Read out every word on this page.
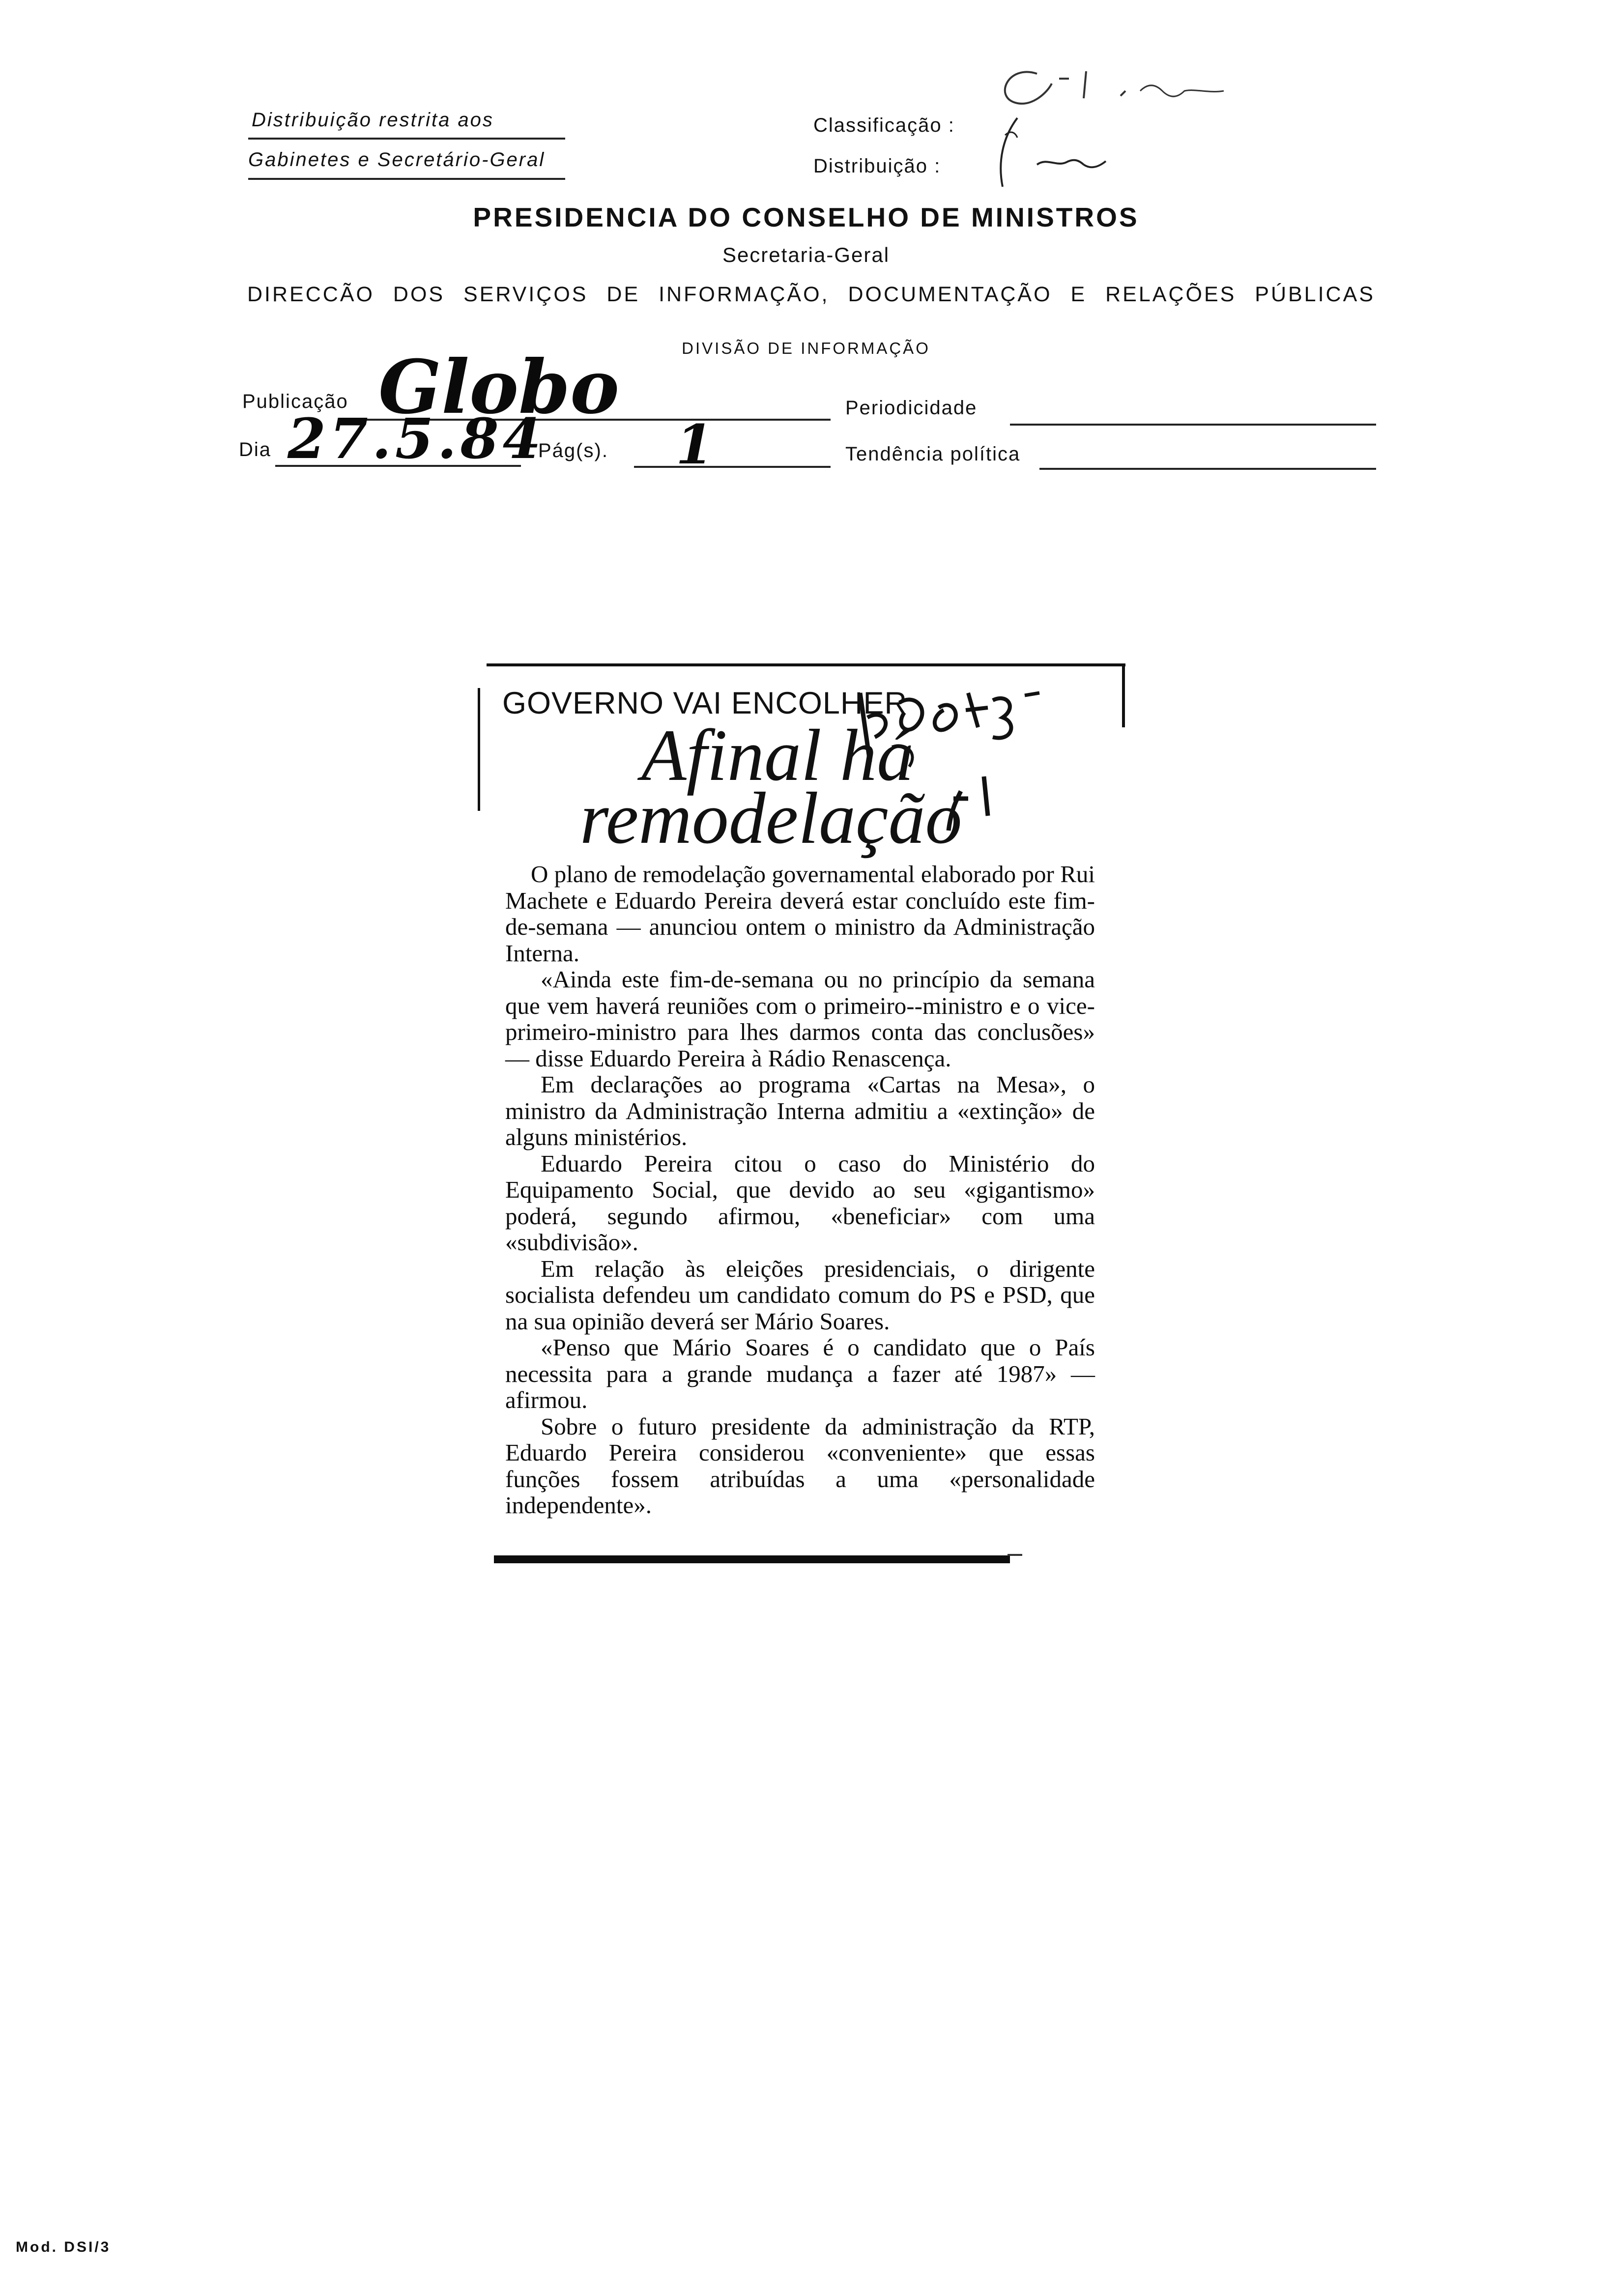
Distribuição restrita aos
Gabinetes e Secretário-Geral
Classificação :
Distribuição :
PRESIDENCIA DO CONSELHO DE MINISTROS
Secretaria-Geral
DIRECCÃO DOS SERVIÇOS DE INFORMAÇÃO, DOCUMENTAÇÃO E RELAÇÕES PÚBLICAS
DIVISÃO DE INFORMAÇÃO
Publicação Globo	Periodicidade
Dia 27.5.84
Pág(s). 1	Tendência política
GOVERNO VAI ENCOLHER
Afinal há
remodelação

O plano de remodelação governamental elaborado por Rui Machete e Eduardo Pereira deverá estar concluído este fim-de-semana — anunciou ontem o ministro da Administração Interna.

«Ainda este fim-de-semana ou no princípio da semana que vem haverá reuniões com o primeiro--ministro e o vice-primeiro-ministro para lhes darmos conta das conclusões» — disse Eduardo Pereira à Rádio Renascença.

Em declarações ao programa «Cartas na Mesa», o ministro da Administração Interna admitiu a «extinção» de alguns ministérios.

Eduardo Pereira citou o caso do Ministério do Equipamento Social, que devido ao seu «gigantismo» poderá, segundo afirmou, «beneficiar» com uma «subdivisão».

Em relação às eleições presidenciais, o dirigente socialista defendeu um candidato comum do PS e PSD, que na sua opinião deverá ser Mário Soares.

«Penso que Mário Soares é o candidato que o País necessita para a grande mudança a fazer até 1987» — afirmou.

Sobre o futuro presidente da administração da RTP, Eduardo Pereira considerou «conveniente» que essas funções fossem atribuídas a uma «personalidade independente».

Mod. DSI/3
